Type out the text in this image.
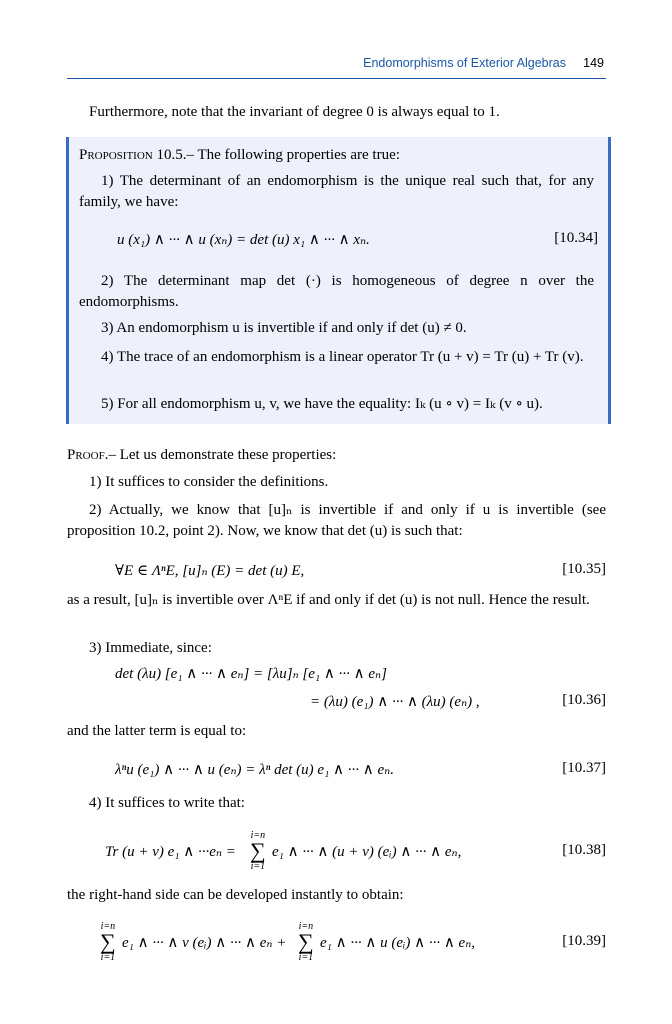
Endomorphisms of Exterior Algebras 149
Furthermore, note that the invariant of degree 0 is always equal to 1.
Proposition 10.5.– The following properties are true:
1) The determinant of an endomorphism is the unique real such that, for any family, we have:
u (x₁) ∧ ··· ∧ u (xₙ) = det (u) x₁ ∧ ··· ∧ xₙ.	[10.34]
2) The determinant map det (·) is homogeneous of degree n over the endomorphisms.
3) An endomorphism u is invertible if and only if det (u) ≠ 0.
4) The trace of an endomorphism is a linear operator Tr (u + v) = Tr (u) + Tr (v).
5) For all endomorphism u, v, we have the equality: Iₖ (u ∘ v) = Iₖ (v ∘ u).
Proof.– Let us demonstrate these properties:
1) It suffices to consider the definitions.
2) Actually, we know that [u]ₙ is invertible if and only if u is invertible (see proposition 10.2, point 2). Now, we know that det (u) is such that:
∀E ∈ ΛⁿE, [u]ₙ (E) = det (u) E,	[10.35]
as a result, [u]ₙ is invertible over ΛⁿE if and only if det (u) is not null. Hence the result.
3) Immediate, since:
det (λu) [e₁ ∧ ··· ∧ eₙ] = [λu]ₙ [e₁ ∧ ··· ∧ eₙ]
= (λu) (e₁) ∧ ··· ∧ (λu) (eₙ) ,	[10.36]
and the latter term is equal to:
λⁿu (e₁) ∧ ··· ∧ u (eₙ) = λⁿ det (u) e₁ ∧ ··· ∧ eₙ.	[10.37]
4) It suffices to write that:
Tr (u + v) e₁ ∧ ···eₙ =
i=n
∑
i=1
e₁ ∧ ··· ∧ (u + v) (eᵢ) ∧ ··· ∧ eₙ,	[10.38]
the right-hand side can be developed instantly to obtain:
i=n
∑
i=1
e₁ ∧ ··· ∧ v (eᵢ) ∧ ··· ∧ eₙ +
i=n
∑
i=1
e₁ ∧ ··· ∧ u (eᵢ) ∧ ··· ∧ eₙ,	[10.39]
